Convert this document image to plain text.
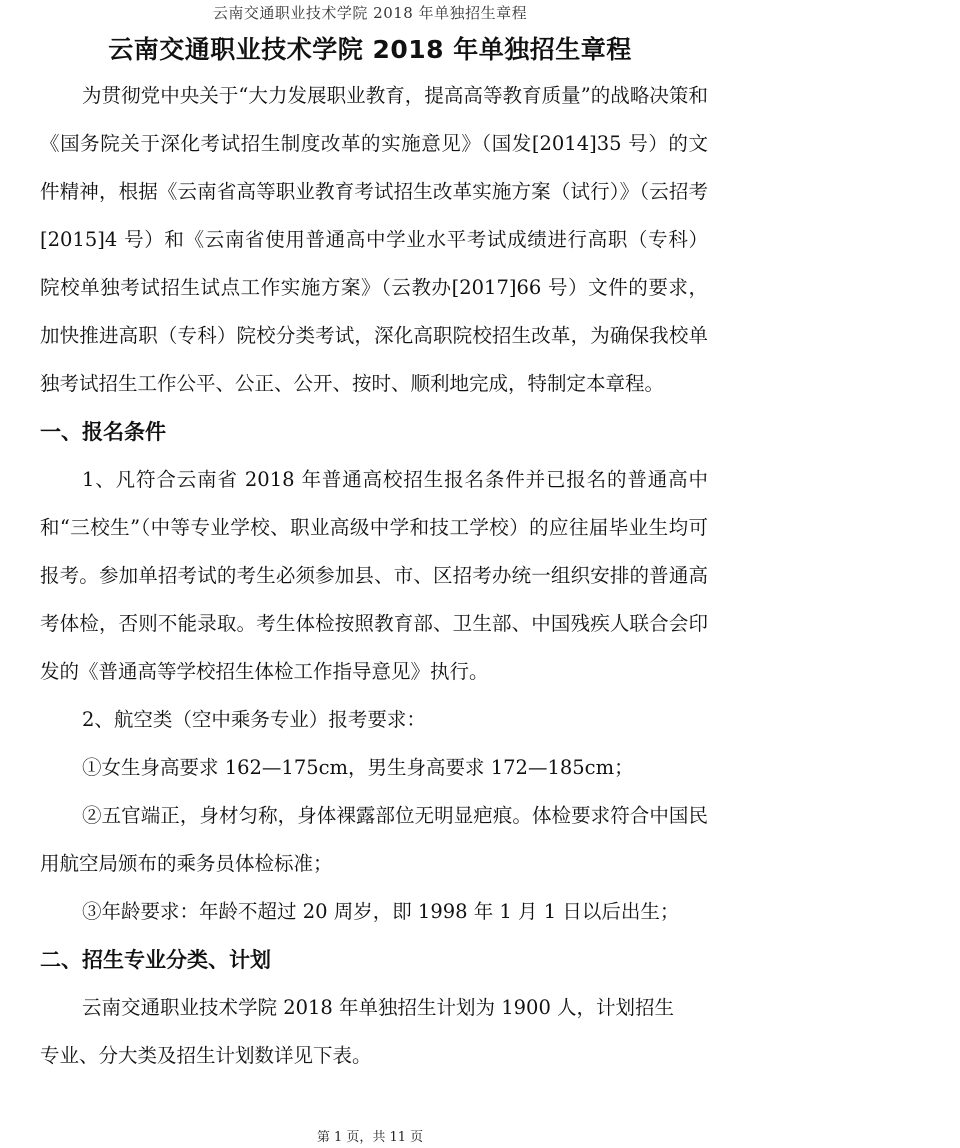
云南交通职业技术学院 2018 年单独招生章程
云南交通职业技术学院 2018 年单独招生章程

为贯彻党中央关于“大力发展职业教育，提高高等教育质量”的战略决策和《国务院关于深化考试招生制度改革的实施意见》（国发[2014]35 号）的文件精神，根据《云南省高等职业教育考试招生改革实施方案（试行）》（云招考[2015]4 号）和《云南省使用普通高中学业水平考试成绩进行高职（专科）院校单独考试招生试点工作实施方案》（云教办[2017]66 号）文件的要求，加快推进高职（专科）院校分类考试，深化高职院校招生改革，为确保我校单独考试招生工作公平、公正、公开、按时、顺利地完成，特制定本章程。

一、报名条件

1、凡符合云南省 2018 年普通高校招生报名条件并已报名的普通高中和“三校生”（中等专业学校、职业高级中学和技工学校）的应往届毕业生均可报考。参加单招考试的考生必须参加县、市、区招考办统一组织安排的普通高考体检，否则不能录取。考生体检按照教育部、卫生部、中国残疾人联合会印发的《普通高等学校招生体检工作指导意见》执行。

2、航空类（空中乘务专业）报考要求：

①女生身高要求 162—175cm，男生身高要求 172—185cm；

②五官端正，身材匀称，身体裸露部位无明显疤痕。体检要求符合中国民用航空局颁布的乘务员体检标准；

③年龄要求：年龄不超过 20 周岁，即 1998 年 1 月 1 日以后出生；

二、招生专业分类、计划

云南交通职业技术学院 2018 年单独招生计划为 1900 人，计划招生

专业、分大类及招生计划数详见下表。

第 1 页，共 11 页
